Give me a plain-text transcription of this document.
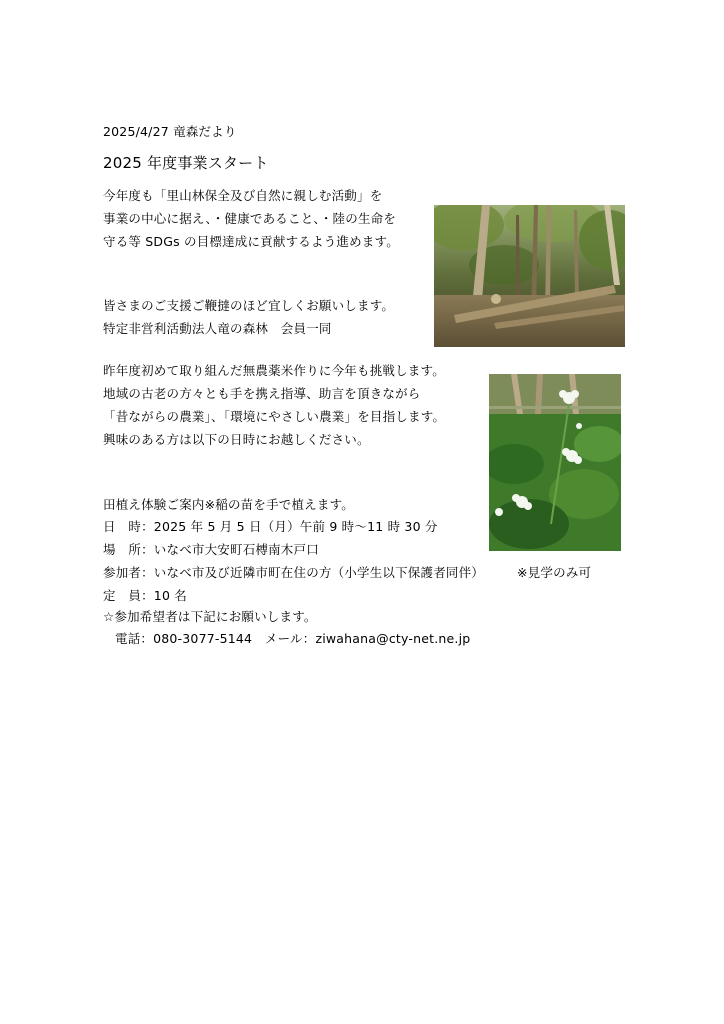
2025/4/27 竜森だより
2025 年度事業スタート
今年度も「里山林保全及び自然に親しむ活動」を
事業の中心に据え、・健康であること、・陸の生命を
守る等 SDGs の目標達成に貢献するよう進めます。
皆さまのご支援ご鞭撻のほど宜しくお願いします。
特定非営利活動法人竜の森林　会員一同
昨年度初めて取り組んだ無農薬米作りに今年も挑戦します。
地域の古老の方々とも手を携え指導、助言を頂きながら
「昔ながらの農業」、「環境にやさしい農業」を目指します。
興味のある方は以下の日時にお越しください。
田植え体験ご案内※稲の苗を手で植えます。
日　時：2025 年 5 月 5 日（月）午前 9 時～11 時 30 分
場　所：いなべ市大安町石榑南木戸口
参加者：いなべ市及び近隣市町在住の方（小学生以下保護者同伴）	※見学のみ可
定　員：10 名
☆参加希望者は下記にお願いします。
電話：080-3077-5144　メール：ziwahana@cty-net.ne.jp
